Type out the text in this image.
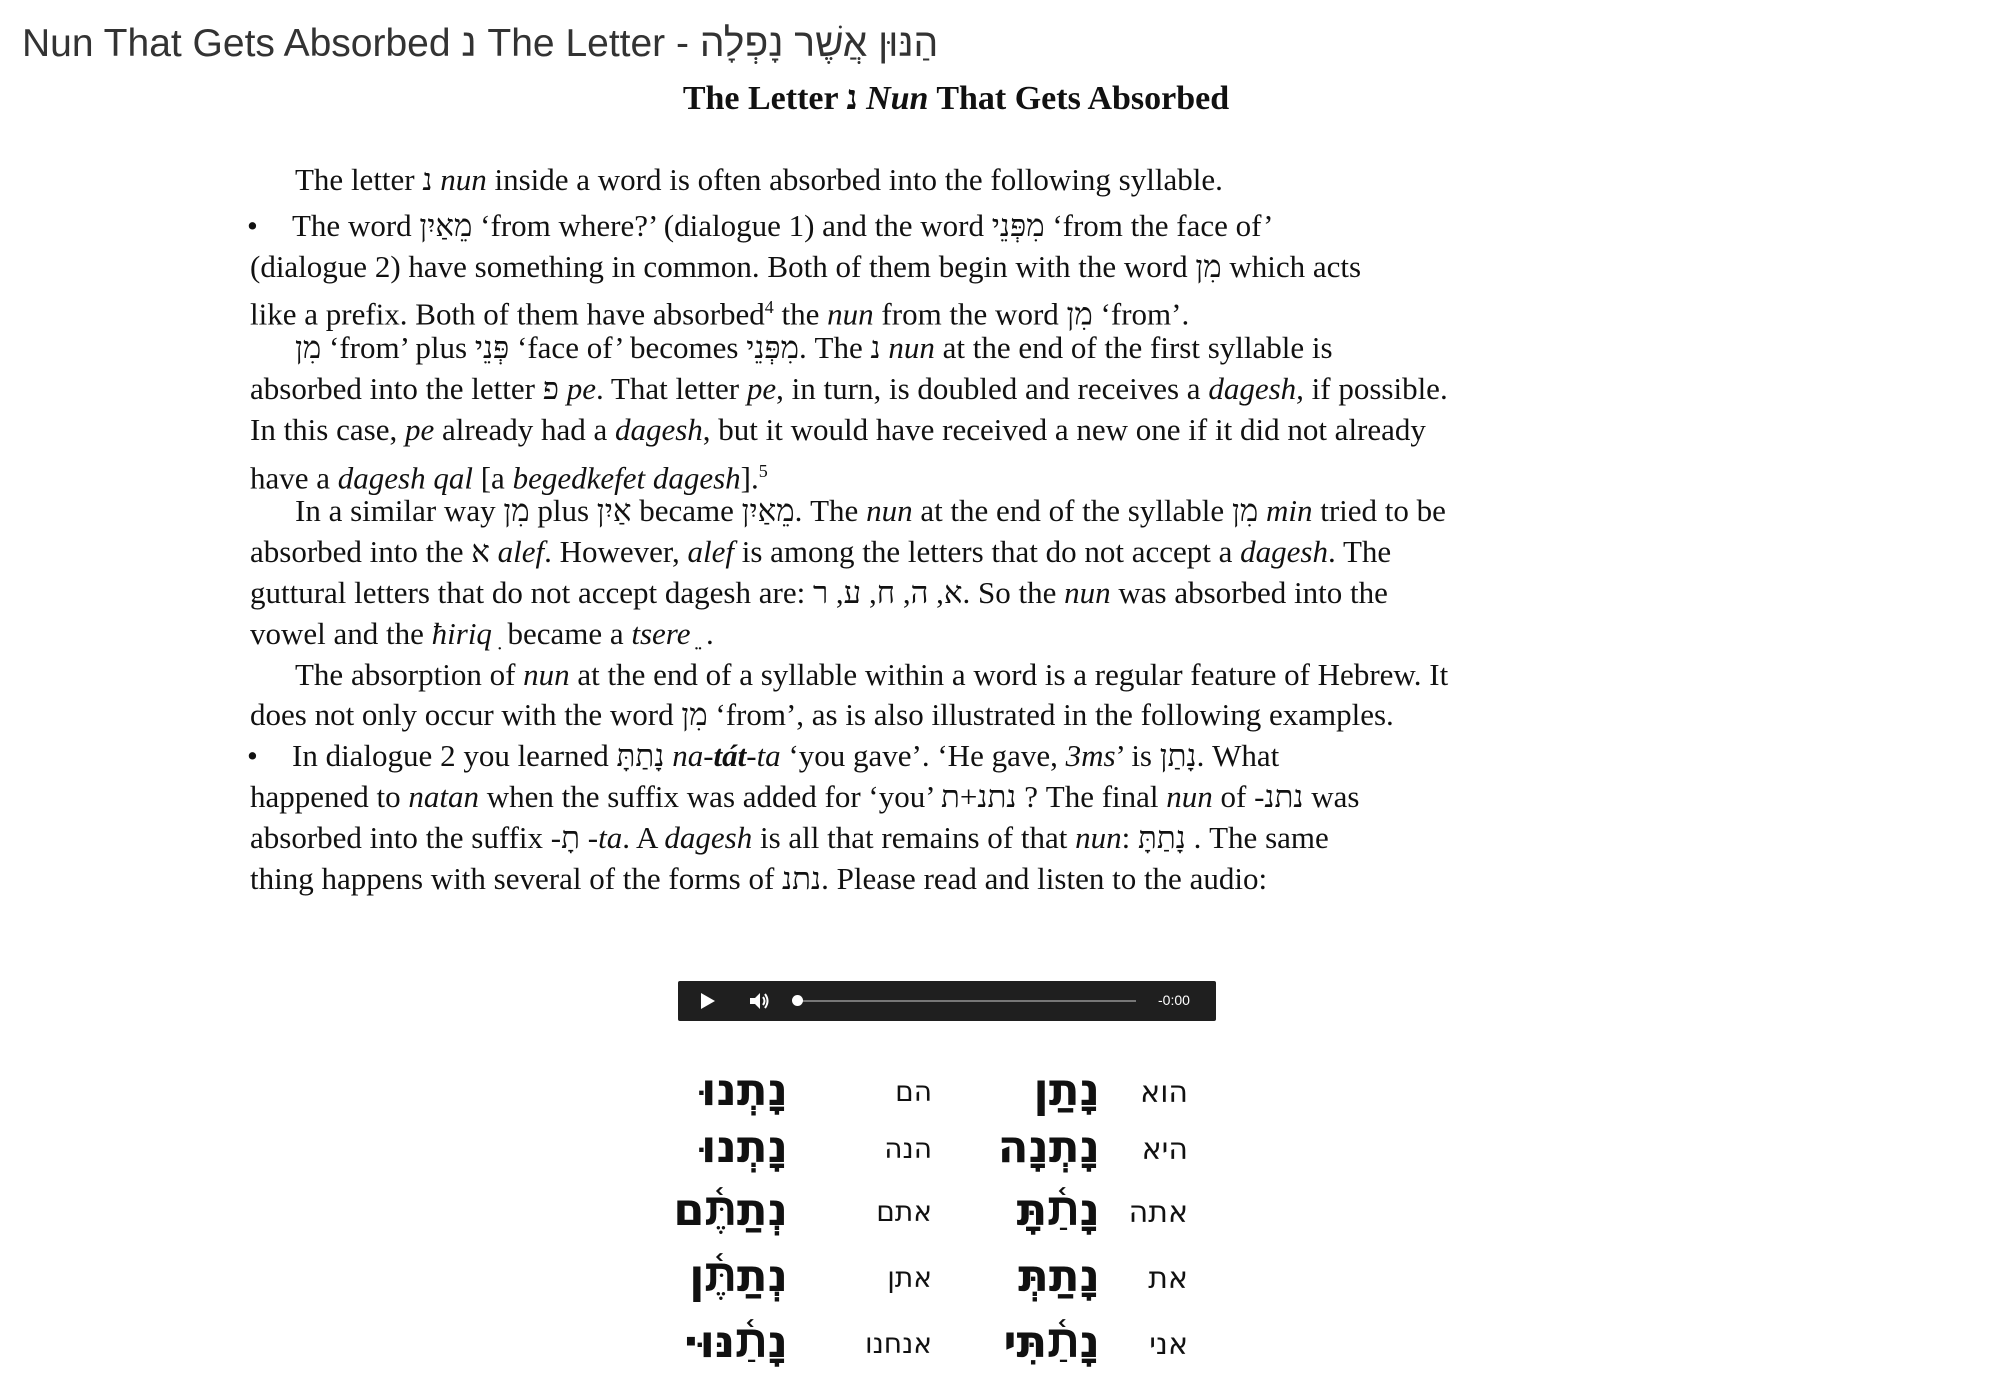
הַנּוּן אֲשֶׁר נָפְלָה - The Letter נ Nun That Gets Absorbed
The Letter נ Nun That Gets Absorbed
The letter נ nun inside a word is often absorbed into the following syllable.
• The word מֵאַיִן ‘from where?’ (dialogue 1) and the word מִפְּנֵי ‘from the face of’
(dialogue 2) have something in common. Both of them begin with the word מִן which acts
like a prefix. Both of them have absorbed$^4$ the nun from the word מִן ‘from’.
מִן ‘from’ plus פְּנֵי ‘face of’ becomes מִפְּנֵי. The נ nun at the end of the first syllable is
absorbed into the letter פ pe. That letter pe, in turn, is doubled and receives a dagesh, if possible.
In this case, pe already had a dagesh, but it would have received a new one if it did not already
have a dagesh qal [a begedkefet dagesh].$^5$
In a similar way מִן plus אַיִן became מֵאַיִן. The nun at the end of the syllable מִן min tried to be
absorbed into the א alef. However, alef is among the letters that do not accept a dagesh. The
guttural letters that do not accept dagesh are: א, ה, ח, ע, ר. So the nun was absorbed into the
vowel and the ħiriq ִ became a tsere ֵ .
The absorption of nun at the end of a syllable within a word is a regular feature of Hebrew. It
does not only occur with the word מִן ‘from’, as is also illustrated in the following examples.
• In dialogue 2 you learned נָתַתָּ na-tát-ta ‘you gave’. ‘He gave, 3ms’ is נָתַן. What
happened to natan when the suffix was added for ‘you’ נתנ+ת ? The final nun of -נתנ was
absorbed into the suffix -תָ -ta. A dagesh is all that remains of that nun: נָתַתָּ . The same
thing happens with several of the forms of נתנ. Please read and listen to the audio:
-0:00
הוא
נָתַן
הם
נָתְנוּ
היא
נָתְנָה
הנה
נָתְנוּ
אתה
נָתַ֫תָּ
אתם
נְתַתֶּ֫ם
את
נָתַתְּ
אתן
נְתַתֶּ֫ן
אני
נָתַ֫תִּי
אנחנו
נָתַ֫נּוּ·
